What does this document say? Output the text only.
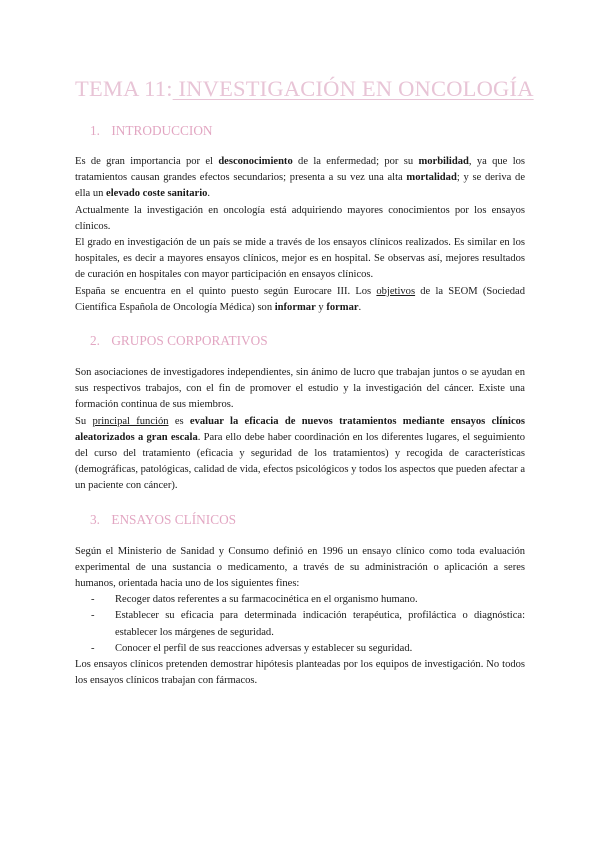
TEMA 11: INVESTIGACIÓN EN ONCOLOGÍA
1. INTRODUCCION

Es de gran importancia por el desconocimiento de la enfermedad; por su morbilidad, ya que los tratamientos causan grandes efectos secundarios; presenta a su vez una alta mortalidad; y se deriva de ella un elevado coste sanitario.

Actualmente la investigación en oncología está adquiriendo mayores conocimientos por los ensayos clínicos.

El grado en investigación de un país se mide a través de los ensayos clínicos realizados. Es similar en los hospitales, es decir a mayores ensayos clínicos, mejor es en hospital. Se observas así, mejores resultados de curación en hospitales con mayor participación en ensayos clínicos.

España se encuentra en el quinto puesto según Eurocare III. Los objetivos de la SEOM (Sociedad Científica Española de Oncología Médica) son informar y formar.

2. GRUPOS CORPORATIVOS

Son asociaciones de investigadores independientes, sin ánimo de lucro que trabajan juntos o se ayudan en sus respectivos trabajos, con el fin de promover el estudio y la investigación del cáncer. Existe una formación continua de sus miembros.

Su principal función es evaluar la eficacia de nuevos tratamientos mediante ensayos clínicos aleatorizados a gran escala. Para ello debe haber coordinación en los diferentes lugares, el seguimiento del curso del tratamiento (eficacia y seguridad de los tratamientos) y recogida de características (demográficas, patológicas, calidad de vida, efectos psicológicos y todos los aspectos que pueden afectar a un paciente con cáncer).

3. ENSAYOS CLÍNICOS

Según el Ministerio de Sanidad y Consumo definió en 1996 un ensayo clínico como toda evaluación experimental de una sustancia o medicamento, a través de su administración o aplicación a seres humanos, orientada hacia uno de los siguientes fines:

- Recoger datos referentes a su farmacocinética en el organismo humano.
- Establecer su eficacia para determinada indicación terapéutica, profiláctica o diagnóstica: establecer los márgenes de seguridad.
- Conocer el perfil de sus reacciones adversas y establecer su seguridad.

Los ensayos clínicos pretenden demostrar hipótesis planteadas por los equipos de investigación. No todos los ensayos clínicos trabajan con fármacos.
